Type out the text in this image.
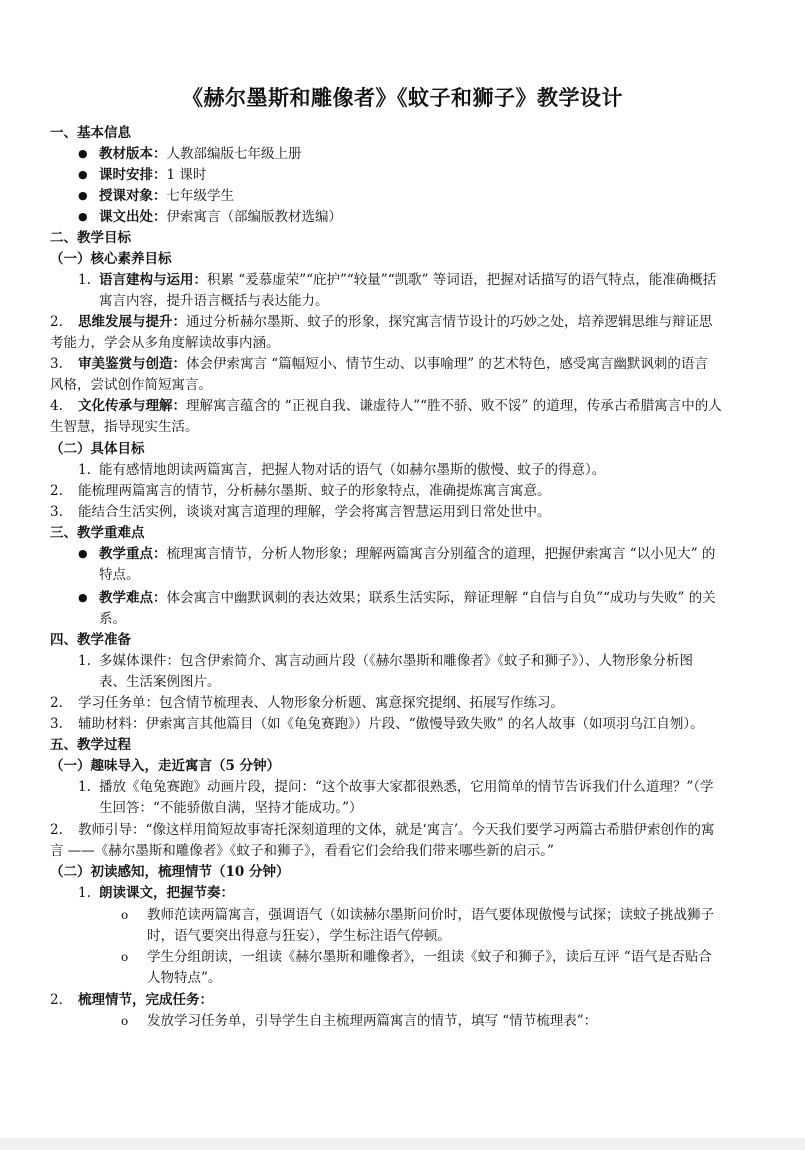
《赫尔墨斯和雕像者》《蚊子和狮子》教学设计
一、基本信息
● 教材版本：人教部编版七年级上册
● 课时安排：1 课时
● 授课对象：七年级学生
● 课文出处：伊索寓言（部编版教材选编）
二、教学目标
（一）核心素养目标
1. 语言建构与运用：积累 “爰慕虚荣”“庇护”“较量”“凯歌” 等词语，把握对话描写的语气特点，能准确概括
寓言内容，提升语言概括与表达能力。
2. 思维发展与提升：通过分析赫尔墨斯、蚊子的形象，探究寓言情节设计的巧妙之处，培养逻辑思维与辩证思
考能力，学会从多角度解读故事内涵。
3. 审美鉴赏与创造：体会伊索寓言 “篇幅短小、情节生动、以事喻理” 的艺术特色，感受寓言幽默讽刺的语言
风格，尝试创作简短寓言。
4. 文化传承与理解：理解寓言蕴含的 “正视自我、谦虚待人”“胜不骄、败不馁” 的道理，传承古希腊寓言中的人
生智慧，指导现实生活。
（二）具体目标
1. 能有感情地朗读两篇寓言，把握人物对话的语气（如赫尔墨斯的傲慢、蚊子的得意）。
2. 能梳理两篇寓言的情节，分析赫尔墨斯、蚊子的形象特点，准确提炼寓言寓意。
3. 能结合生活实例，谈谈对寓言道理的理解，学会将寓言智慧运用到日常处世中。
三、教学重难点
● 教学重点：梳理寓言情节，分析人物形象；理解两篇寓言分别蕴含的道理，把握伊索寓言 “以小见大” 的
特点。
● 教学难点：体会寓言中幽默讽刺的表达效果；联系生活实际，辩证理解 “自信与自负”“成功与失败” 的关
系。
四、教学准备
1. 多媒体课件：包含伊索简介、寓言动画片段（《赫尔墨斯和雕像者》《蚊子和狮子》）、人物形象分析图
表、生活案例图片。
2. 学习任务单：包含情节梳理表、人物形象分析题、寓意探究提纲、拓展写作练习。
3. 辅助材料：伊索寓言其他篇目（如《龟兔赛跑》）片段、“傲慢导致失败” 的名人故事（如项羽乌江自刎）。
五、教学过程
（一）趣味导入，走近寓言（5 分钟）
1. 播放《龟兔赛跑》动画片段，提问：“这个故事大家都很熟悉，它用简单的情节告诉我们什么道理？”（学
生回答：“不能骄傲自满，坚持才能成功。”）
2. 教师引导：“像这样用简短故事寄托深刻道理的文体，就是‘寓言’。今天我们要学习两篇古希腊伊索创作的寓
言 ——《赫尔墨斯和雕像者》《蚊子和狮子》，看看它们会给我们带来哪些新的启示。”
（二）初读感知，梳理情节（10 分钟）
1. 朗读课文，把握节奏：
o 教师范读两篇寓言，强调语气（如读赫尔墨斯问价时，语气要体现傲慢与试探；读蚊子挑战狮子
时，语气要突出得意与狂妄），学生标注语气停顿。
o 学生分组朗读，一组读《赫尔墨斯和雕像者》，一组读《蚊子和狮子》，读后互评 “语气是否贴合
人物特点”。
2. 梳理情节，完成任务：
o 发放学习任务单，引导学生自主梳理两篇寓言的情节，填写 “情节梳理表”：
